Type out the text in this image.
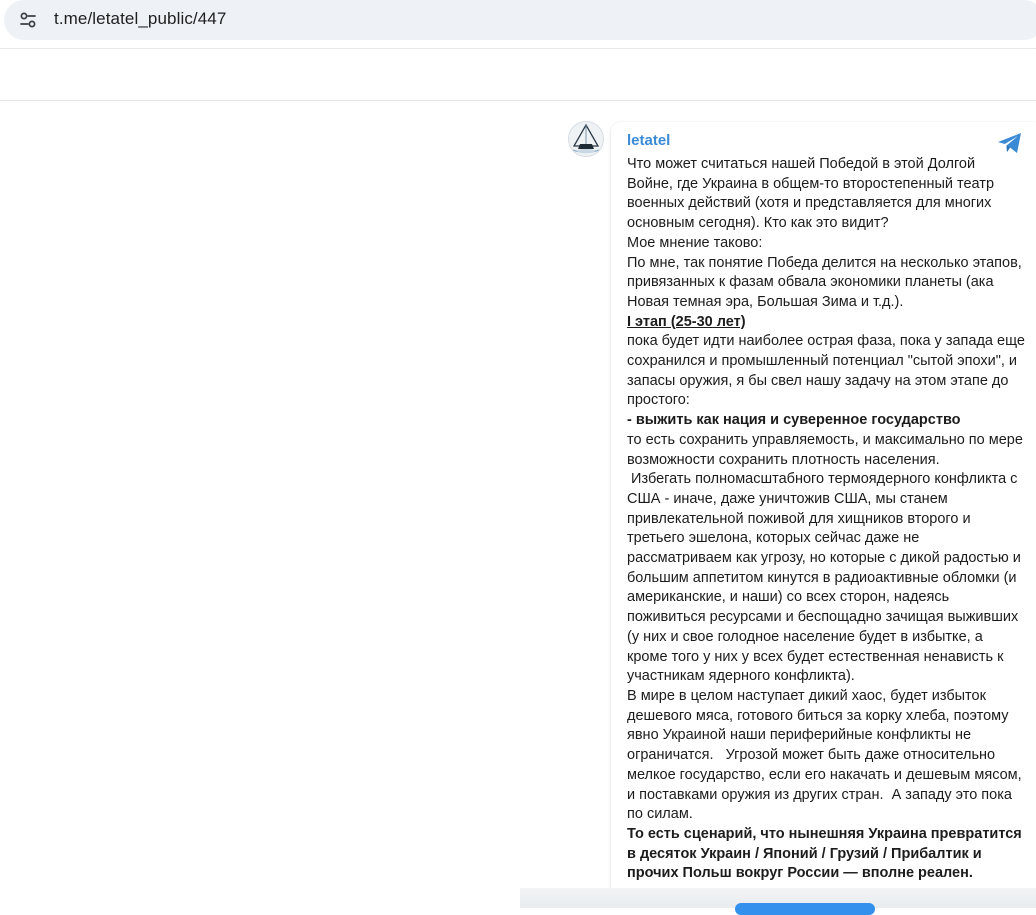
t.me/letatel_public/447
letatel
Что может считаться нашей Победой в этой Долгой Войне, где Украина в общем-то второстепенный театр военных действий (хотя и представляется для многих основным сегодня). Кто как это видит?
Мое мнение таково:
По мне, так понятие Победа делится на несколько этапов, привязанных к фазам обвала экономики планеты (ака Новая темная эра, Большая Зима и т.д.).
I этап (25-30 лет)
пока будет идти наиболее острая фаза, пока у запада еще сохранился и промышленный потенциал "сытой эпохи", и запасы оружия, я бы свел нашу задачу на этом этапе до простого:
- выжить как нация и суверенное государство
то есть сохранить управляемость, и максимально по мере возможности сохранить плотность населения.
Избегать полномасштабного термоядерного конфликта с США - иначе, даже уничтожив США, мы станем привлекательной поживой для хищников второго и третьего эшелона, которых сейчас даже не рассматриваем как угрозу, но которые с дикой радостью и большим аппетитом кинутся в радиоактивные обломки (и американские, и наши) со всех сторон, надеясь поживиться ресурсами и беспощадно зачищая выживших (у них и свое голодное население будет в избытке, а кроме того у них у всех будет естественная ненависть к участникам ядерного конфликта).
В мире в целом наступает дикий хаос, будет избыток дешевого мяса, готового биться за корку хлеба, поэтому явно Украиной наши периферийные конфликты не ограничатся.   Угрозой может быть даже относительно мелкое государство, если его накачать и дешевым мясом, и поставками оружия из других стран.  А западу это пока по силам.
То есть сценарий, что нынешняя Украина превратится в десяток Украин / Японий / Грузий / Прибалтик и прочих Польш вокруг России — вполне реален.
